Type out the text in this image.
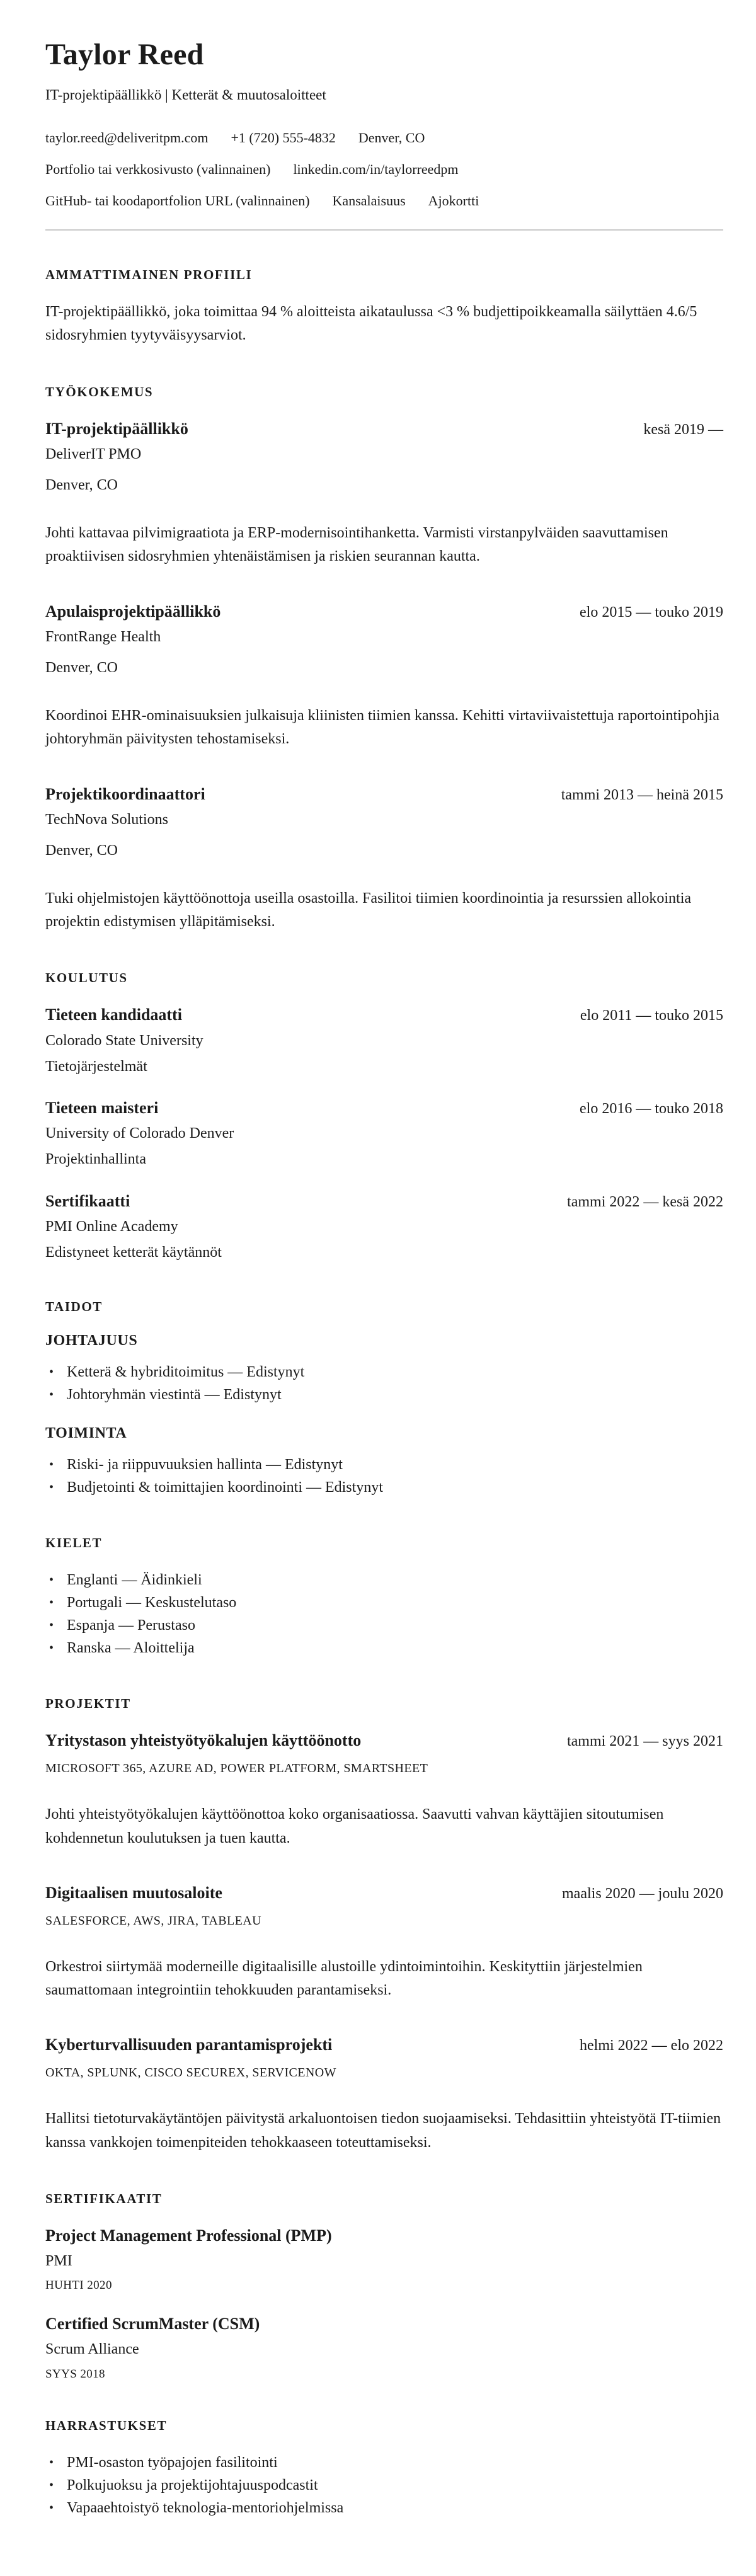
Taylor Reed
IT-projektipäällikkö | Ketterät & muutosaloitteet
taylor.reed@deliveritpm.com +1 (720) 555-4832 Denver, CO
Portfolio tai verkkosivusto (valinnainen) linkedin.com/in/taylorreedpm
GitHub- tai koodaportfolion URL (valinnainen) Kansalaisuus Ajokortti
AMMATTIMAINEN PROFIILI

IT-projektipäällikkö, joka toimittaa 94 % aloitteista aikataulussa <3 % budjettipoikkeamalla säilyttäen 4.6/5 sidosryhmien tyytyväisyysarviot.

TYÖKOKEMUS
IT-projektipäällikkö	kesä 2019 —
DeliverIT PMO
Denver, CO

Johti kattavaa pilvimigraatiota ja ERP-modernisointihanketta. Varmisti virstanpylväiden saavuttamisen proaktiivisen sidosryhmien yhtenäistämisen ja riskien seurannan kautta.

Apulaisprojektipäällikkö	elo 2015 — touko 2019
FrontRange Health
Denver, CO

Koordinoi EHR-ominaisuuksien julkaisuja kliinisten tiimien kanssa. Kehitti virtaviivaistettuja raportointipohjia johtoryhmän päivitysten tehostamiseksi.

Projektikoordinaattori	tammi 2013 — heinä 2015
TechNova Solutions
Denver, CO

Tuki ohjelmistojen käyttöönottoja useilla osastoilla. Fasilitoi tiimien koordinointia ja resurssien allokointia projektin edistymisen ylläpitämiseksi.

KOULUTUS
Tieteen kandidaatti	elo 2011 — touko 2015
Colorado State University
Tietojärjestelmät
Tieteen maisteri	elo 2016 — touko 2018
University of Colorado Denver
Projektinhallinta
Sertifikaatti	tammi 2022 — kesä 2022
PMI Online Academy
Edistyneet ketterät käytännöt
TAIDOT
JOHTAJUUS
• Ketterä & hybriditoimitus — Edistynyt
• Johtoryhmän viestintä — Edistynyt
TOIMINTA
• Riski- ja riippuvuuksien hallinta — Edistynyt
• Budjetointi & toimittajien koordinointi — Edistynyt
KIELET
• Englanti — Äidinkieli
• Portugali — Keskustelutaso
• Espanja — Perustaso
• Ranska — Aloittelija
PROJEKTIT
Yritystason yhteistyötyökalujen käyttöönotto	tammi 2021 — syys 2021
MICROSOFT 365, AZURE AD, POWER PLATFORM, SMARTSHEET

Johti yhteistyötyökalujen käyttöönottoa koko organisaatiossa. Saavutti vahvan käyttäjien sitoutumisen kohdennetun koulutuksen ja tuen kautta.

Digitaalisen muutosaloite	maalis 2020 — joulu 2020
SALESFORCE, AWS, JIRA, TABLEAU

Orkestroi siirtymää moderneille digitaalisille alustoille ydintoimintoihin. Keskityttiin järjestelmien saumattomaan integrointiin tehokkuuden parantamiseksi.

Kyberturvallisuuden parantamisprojekti	helmi 2022 — elo 2022
OKTA, SPLUNK, CISCO SECUREX, SERVICENOW

Hallitsi tietoturvakäytäntöjen päivitystä arkaluontoisen tiedon suojaamiseksi. Tehdasittiin yhteistyötä IT-tiimien kanssa vankkojen toimenpiteiden tehokkaaseen toteuttamiseksi.

SERTIFIKAATIT
Project Management Professional (PMP)
PMI
HUHTI 2020
Certified ScrumMaster (CSM)
Scrum Alliance
SYYS 2018
HARRASTUKSET
• PMI-osaston työpajojen fasilitointi
• Polkujuoksu ja projektijohtajuuspodcastit
• Vapaaehtoistyö teknologia-mentoriohjelmissa
